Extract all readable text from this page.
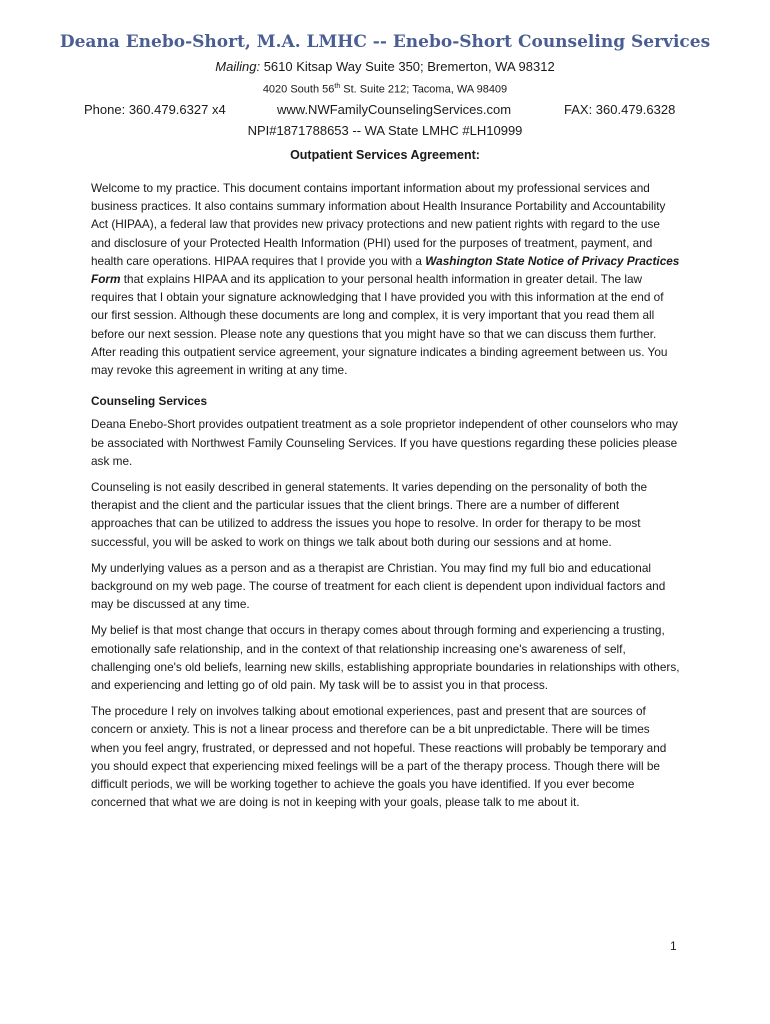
Deana Enebo-Short, M.A. LMHC -- Enebo-Short Counseling Services
Mailing: 5610 Kitsap Way Suite 350; Bremerton, WA 98312
4020 South 56th St. Suite 212; Tacoma, WA 98409
Phone: 360.479.6327 x4	www.NWFamilyCounselingServices.com	FAX: 360.479.6328
NPI#1871788653 -- WA State LMHC #LH10999
Outpatient Services Agreement:

Welcome to my practice. This document contains important information about my professional services and business practices. It also contains summary information about Health Insurance Portability and Accountability Act (HIPAA), a federal law that provides new privacy protections and new patient rights with regard to the use and disclosure of your Protected Health Information (PHI) used for the purposes of treatment, payment, and health care operations. HIPAA requires that I provide you with a Washington State Notice of Privacy Practices Form that explains HIPAA and its application to your personal health information in greater detail. The law requires that I obtain your signature acknowledging that I have provided you with this information at the end of our first session. Although these documents are long and complex, it is very important that you read them all before our next session. Please note any questions that you might have so that we can discuss them further. After reading this outpatient service agreement, your signature indicates a binding agreement between us. You may revoke this agreement in writing at any time.

Counseling Services

Deana Enebo-Short provides outpatient treatment as a sole proprietor independent of other counselors who may be associated with Northwest Family Counseling Services. If you have questions regarding these policies please ask me.

Counseling is not easily described in general statements. It varies depending on the personality of both the therapist and the client and the particular issues that the client brings. There are a number of different approaches that can be utilized to address the issues you hope to resolve. In order for therapy to be most successful, you will be asked to work on things we talk about both during our sessions and at home.

My underlying values as a person and as a therapist are Christian. You may find my full bio and educational background on my web page. The course of treatment for each client is dependent upon individual factors and may be discussed at any time.

My belief is that most change that occurs in therapy comes about through forming and experiencing a trusting, emotionally safe relationship, and in the context of that relationship increasing one's awareness of self, challenging one's old beliefs, learning new skills, establishing appropriate boundaries in relationships with others, and experiencing and letting go of old pain. My task will be to assist you in that process.

The procedure I rely on involves talking about emotional experiences, past and present that are sources of concern or anxiety. This is not a linear process and therefore can be a bit unpredictable. There will be times when you feel angry, frustrated, or depressed and not hopeful. These reactions will probably be temporary and you should expect that experiencing mixed feelings will be a part of the therapy process. Though there will be difficult periods, we will be working together to achieve the goals you have identified. If you ever become concerned that what we are doing is not in keeping with your goals, please talk to me about it.

1
